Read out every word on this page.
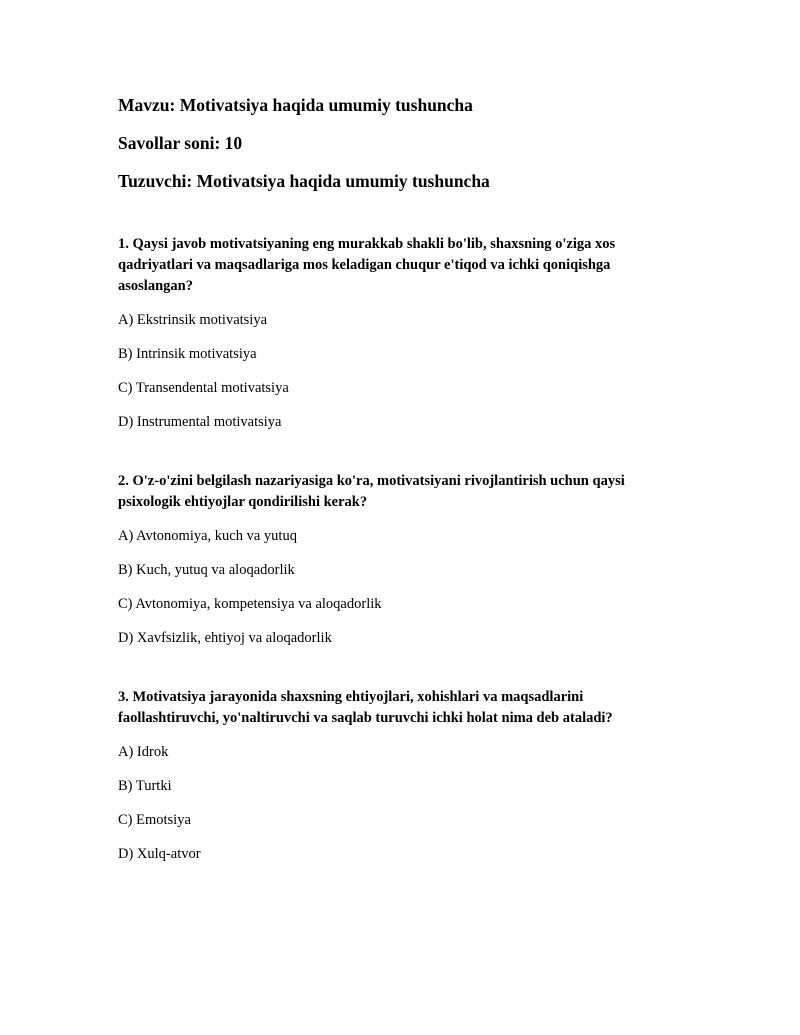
Mavzu: Motivatsiya haqida umumiy tushuncha
Savollar soni: 10
Tuzuvchi: Motivatsiya haqida umumiy tushuncha
1. Qaysi javob motivatsiyaning eng murakkab shakli bo'lib, shaxsning o'ziga xos qadriyatlari va maqsadlariga mos keladigan chuqur e'tiqod va ichki qoniqishga asoslangan?
A) Ekstrinsik motivatsiya
B) Intrinsik motivatsiya
C) Transendental motivatsiya
D) Instrumental motivatsiya
2. O'z-o'zini belgilash nazariyasiga ko'ra, motivatsiyani rivojlantirish uchun qaysi psixologik ehtiyojlar qondirilishi kerak?
A) Avtonomiya, kuch va yutuq
B) Kuch, yutuq va aloqadorlik
C) Avtonomiya, kompetensiya va aloqadorlik
D) Xavfsizlik, ehtiyoj va aloqadorlik
3. Motivatsiya jarayonida shaxsning ehtiyojlari, xohishlari va maqsadlarini faollashtiruvchi, yo'naltiruvchi va saqlab turuvchi ichki holat nima deb ataladi?
A) Idrok
B) Turtki
C) Emotsiya
D) Xulq-atvor
